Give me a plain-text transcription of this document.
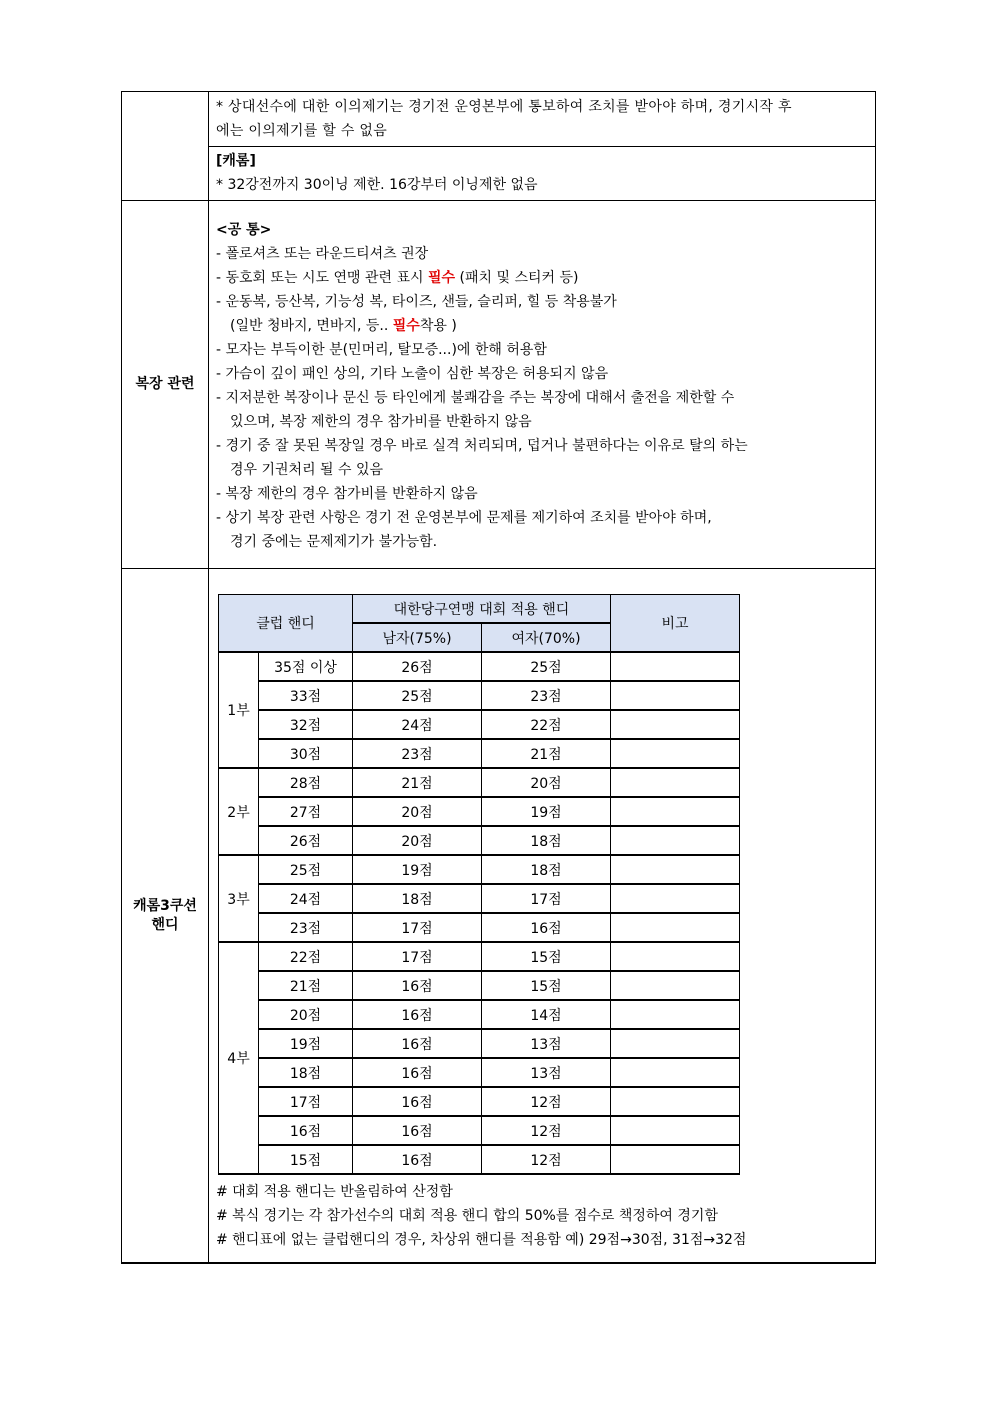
* 상대선수에 대한 이의제기는 경기전 운영본부에 통보하여 조치를 받아야 하며, 경기시작 후

에는 이의제기를 할 수 없음

[캐롬]

* 32강전까지 30이닝 제한. 16강부터 이닝제한 없음

복장 관련	

<공 통>

- 폴로셔츠 또는 라운드티셔츠 권장

- 동호회 또는 시도 연맹 관련 표시 필수 (패치 및 스티커 등)

- 운동복, 등산복, 기능성 복, 타이즈, 샌들, 슬리퍼, 힐 등 착용불가

(일반 청바지, 면바지, 등.. 필수착용 )

- 모자는 부득이한 분(민머리, 탈모증...)에 한해 허용함

- 가슴이 깊이 패인 상의, 기타 노출이 심한 복장은 허용되지 않음

- 지저분한 복장이나 문신 등 타인에게 불쾌감을 주는 복장에 대해서 출전을 제한할 수

있으며, 복장 제한의 경우 참가비를 반환하지 않음

- 경기 중 잘 못된 복장일 경우 바로 실격 처리되며, 덥거나 불편하다는 이유로 탈의 하는

경우 기권처리 될 수 있음

- 복장 제한의 경우 참가비를 반환하지 않음

- 상기 복장 관련 사항은 경기 전 운영본부에 문제를 제기하여 조치를 받아야 하며,

경기 중에는 문제제기가 불가능함.

캐롬3쿠션
핸디	
클럽 핸디	대한당구연맹 대회 적용 핸디	비고
남자(75%)	여자(70%)
1부	35점 이상	26점	25점	
33점	25점	23점	
32점	24점	22점	
30점	23점	21점	
2부	28점	21점	20점	
27점	20점	19점	
26점	20점	18점	
3부	25점	19점	18점	
24점	18점	17점	
23점	17점	16점	
4부	22점	17점	15점	
21점	16점	15점	
20점	16점	14점	
19점	16점	13점	
18점	16점	13점	
17점	16점	12점	
16점	16점	12점	
15점	16점	12점	

# 대회 적용 핸디는 반올림하여 산정함

# 복식 경기는 각 참가선수의 대회 적용 핸디 합의 50%를 점수로 책정하여 경기함

# 핸디표에 없는 클럽핸디의 경우, 차상위 핸디를 적용함 예) 29점→30점, 31점→32점
